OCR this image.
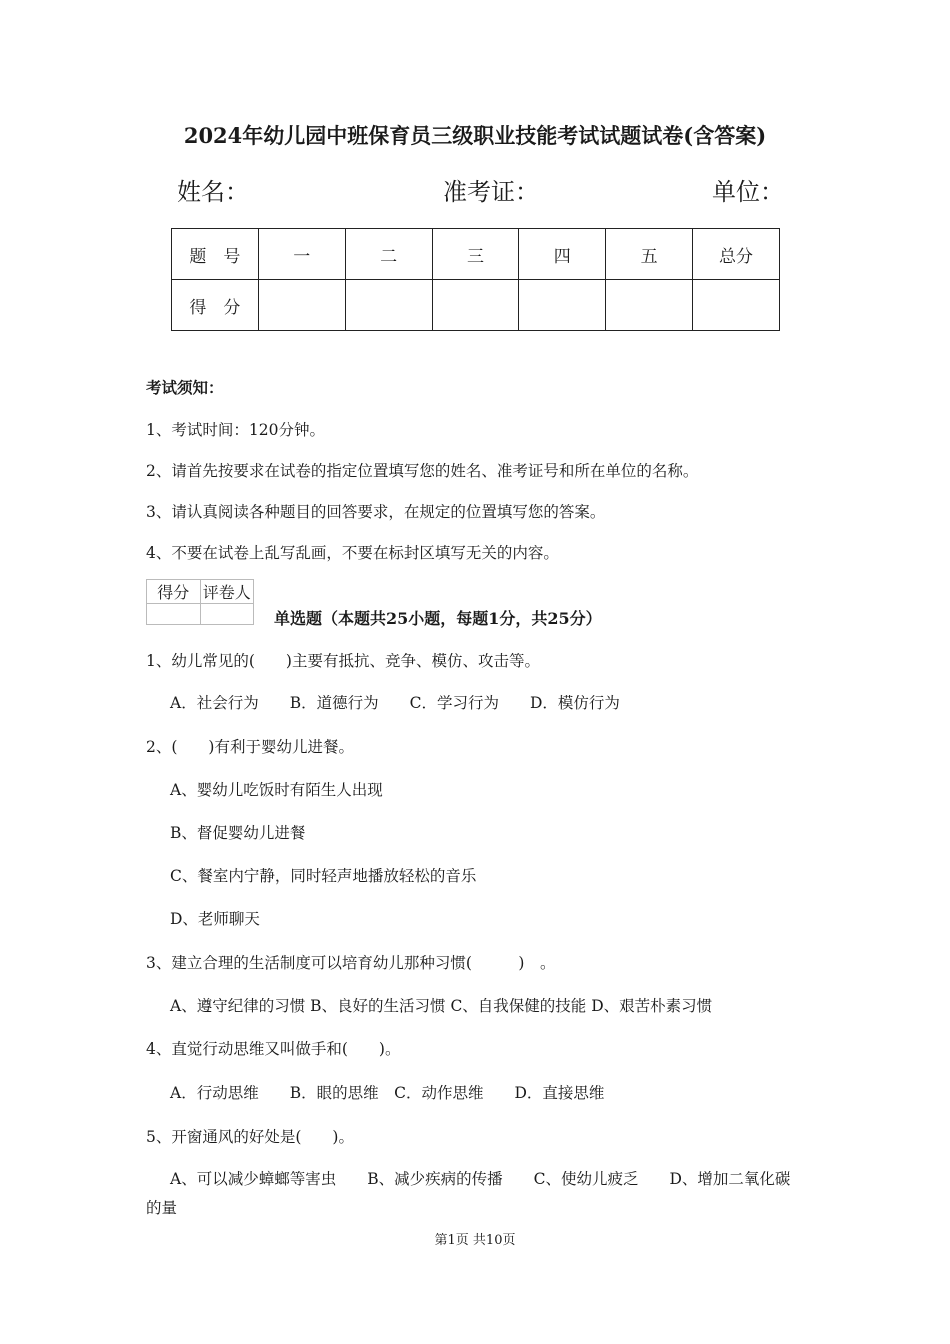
2024年幼儿园中班保育员三级职业技能考试试题试卷(含答案)
姓名：	准考证：	单位：
题　号	一	二	三	四	五	总分
得　分						
考试须知：
1、考试时间：120分钟。
2、请首先按要求在试卷的指定位置填写您的姓名、准考证号和所在单位的名称。
3、请认真阅读各种题目的回答要求，在规定的位置填写您的答案。
4、不要在试卷上乱写乱画，不要在标封区填写无关的内容。
得分	评卷人

单选题（本题共25小题，每题1分，共25分）
1、幼儿常见的(　　)主要有抵抗、竞争、模仿、攻击等。
A．社会行为　　B．道德行为　　C．学习行为　　D．模仿行为
2、(　　)有利于婴幼儿进餐。
A、婴幼儿吃饭时有陌生人出现
B、督促婴幼儿进餐
C、餐室内宁静，同时轻声地播放轻松的音乐
D、老师聊天
3、建立合理的生活制度可以培育幼儿那种习惯(　　　)　。
A、遵守纪律的习惯 B、良好的生活习惯 C、自我保健的技能 D、艰苦朴素习惯
4、直觉行动思维又叫做手和(　　)。
A．行动思维　　B．眼的思维　C．动作思维　　D．直接思维
5、开窗通风的好处是(　　)。
A、可以减少蟑螂等害虫　　B、减少疾病的传播　　C、使幼儿疲乏　　D、增加二氧化碳
的量
第1页 共10页
